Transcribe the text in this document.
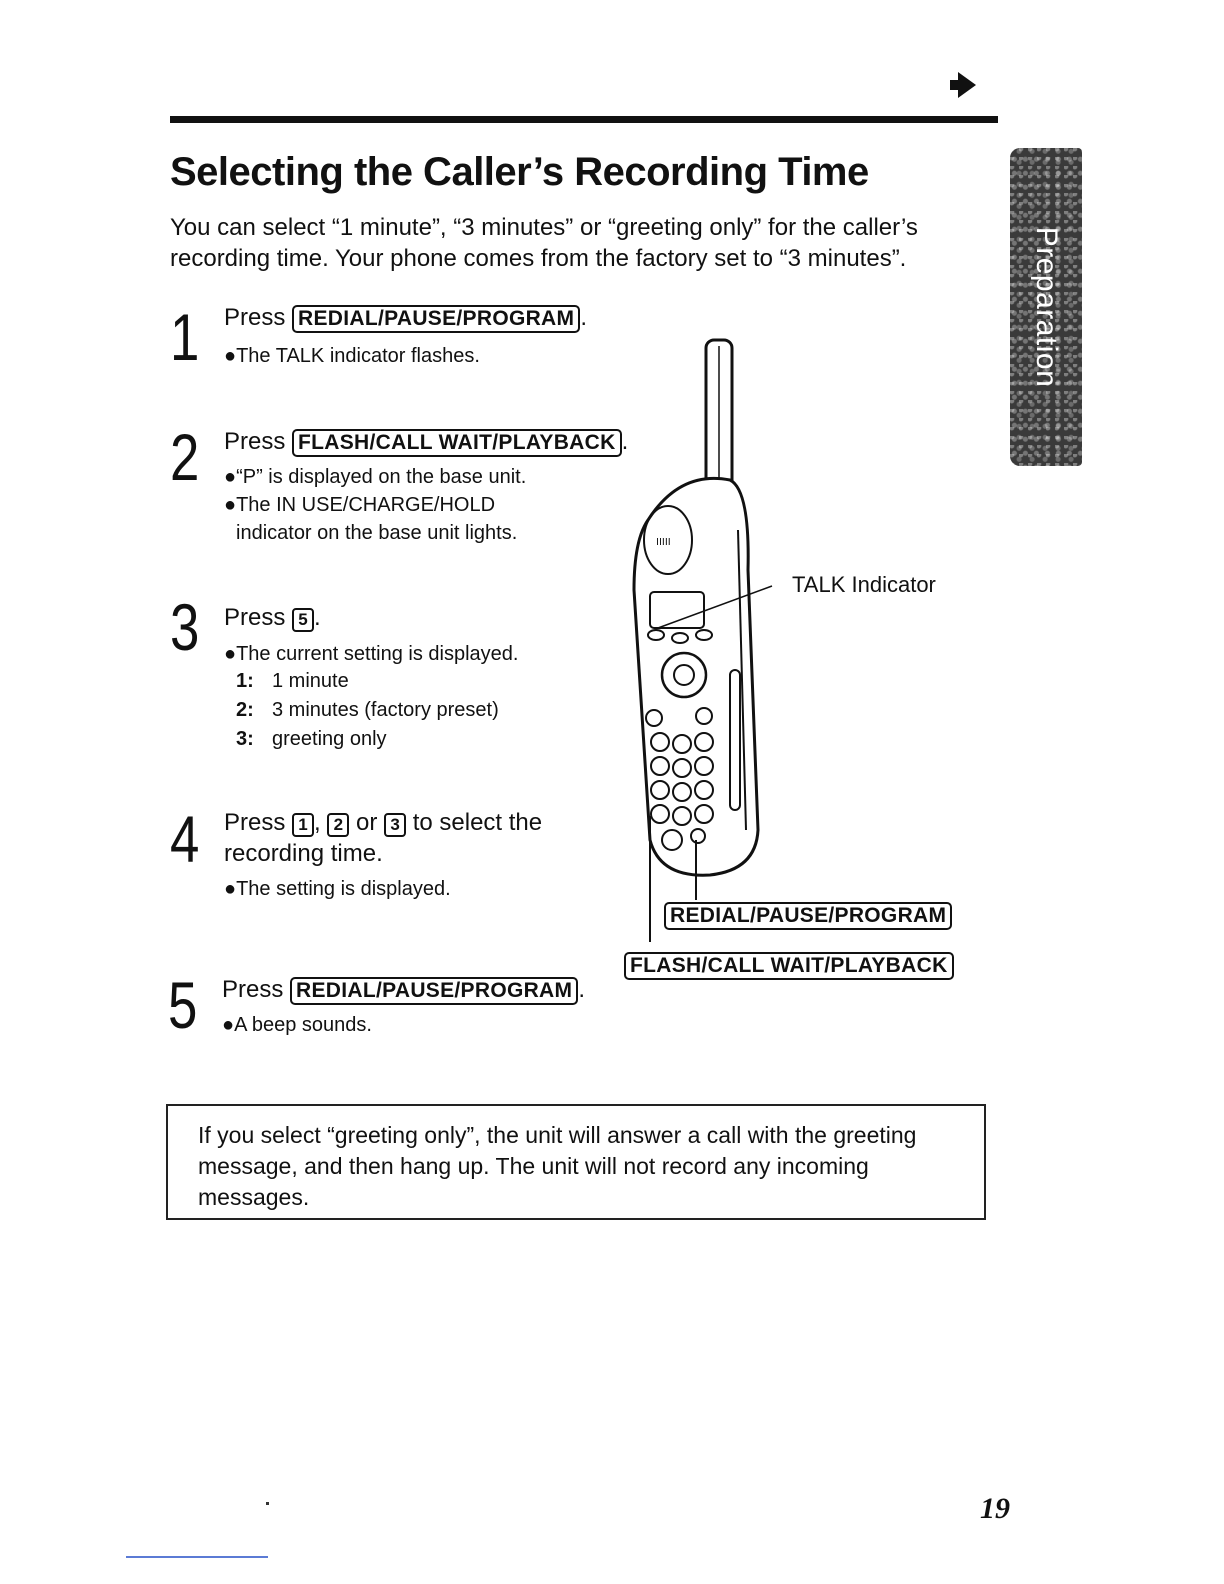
Preparation
Selecting the Caller’s Recording Time

You can select “1 minute”, “3 minutes” or “greeting only” for the caller’s recording time. Your phone comes from the factory set to “3 minutes”.

1 Press REDIAL/PAUSE/PROGRAM .
●The TALK indicator flashes.
2 Press FLASH/CALL WAIT/PLAYBACK .
●“P” is displayed on the base unit.
●The IN USE/CHARGE/HOLD
indicator on the base unit lights.
3 Press 5 .
●The current setting is displayed.
1: 1 minute
2: 3 minutes (factory preset)
3: greeting only
4 Press 1 , 2 or 3 to select the
recording time.
●The setting is displayed.
5 Press REDIAL/PAUSE/PROGRAM .
●A beep sounds.
IIIII
TALK Indicator
REDIAL/PAUSE/PROGRAM
FLASH/CALL WAIT/PLAYBACK

If you select “greeting only”, the unit will answer a call with the greeting message, and then hang up. The unit will not record any incoming messages.

19
